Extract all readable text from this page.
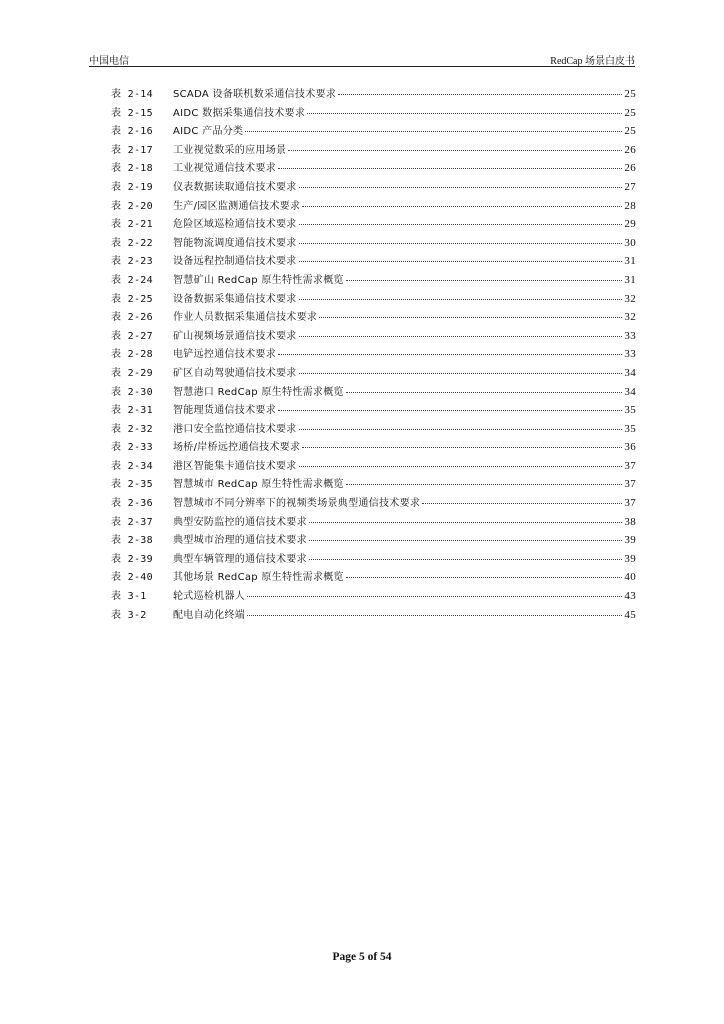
中国电信	RedCap 场景白皮书
表 2-14	SCADA 设备联机数采通信技术要求	25
表 2-15	AIDC 数据采集通信技术要求	25
表 2-16	AIDC 产品分类	25
表 2-17	工业视觉数采的应用场景	26
表 2-18	工业视觉通信技术要求	26
表 2-19	仪表数据读取通信技术要求	27
表 2-20	生产/园区监测通信技术要求	28
表 2-21	危险区域巡检通信技术要求	29
表 2-22	智能物流调度通信技术要求	30
表 2-23	设备远程控制通信技术要求	31
表 2-24	智慧矿山 RedCap 原生特性需求概览	31
表 2-25	设备数据采集通信技术要求	32
表 2-26	作业人员数据采集通信技术要求	32
表 2-27	矿山视频场景通信技术要求	33
表 2-28	电铲远控通信技术要求	33
表 2-29	矿区自动驾驶通信技术要求	34
表 2-30	智慧港口 RedCap 原生特性需求概览	34
表 2-31	智能理货通信技术要求	35
表 2-32	港口安全监控通信技术要求	35
表 2-33	场桥/岸桥远控通信技术要求	36
表 2-34	港区智能集卡通信技术要求	37
表 2-35	智慧城市 RedCap 原生特性需求概览	37
表 2-36	智慧城市不同分辨率下的视频类场景典型通信技术要求	37
表 2-37	典型安防监控的通信技术要求	38
表 2-38	典型城市治理的通信技术要求	39
表 2-39	典型车辆管理的通信技术要求	39
表 2-40	其他场景 RedCap 原生特性需求概览	40
表 3-1	轮式巡检机器人	43
表 3-2	配电自动化终端	45
Page 5 of 54
